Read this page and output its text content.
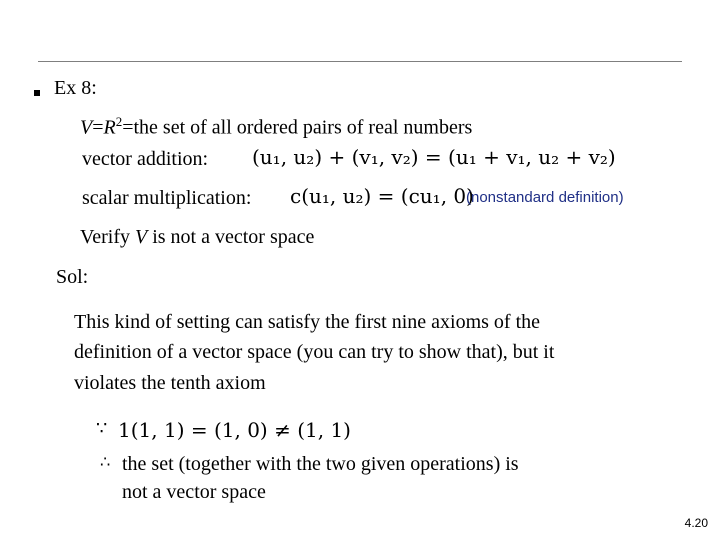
Ex 8:
$V=R^2=the$ set of all ordered pairs of real numbers
vector addition: (u₁, u₂) + (v₁, v₂) = (u₁ + v₁, u₂ + v₂)
scalar multiplication: c(u₁, u₂) = (cu₁, 0)
(nonstandard definition)
Verify V is not a vector space
Sol:
This kind of setting can satisfy the first nine axioms of the
definition of a vector space (you can try to show that), but it
violates the tenth axiom
∵ 1(1, 1) = (1, 0) ≠ (1, 1)
∴ the set (together with the two given operations) is
not a vector space
4.20
